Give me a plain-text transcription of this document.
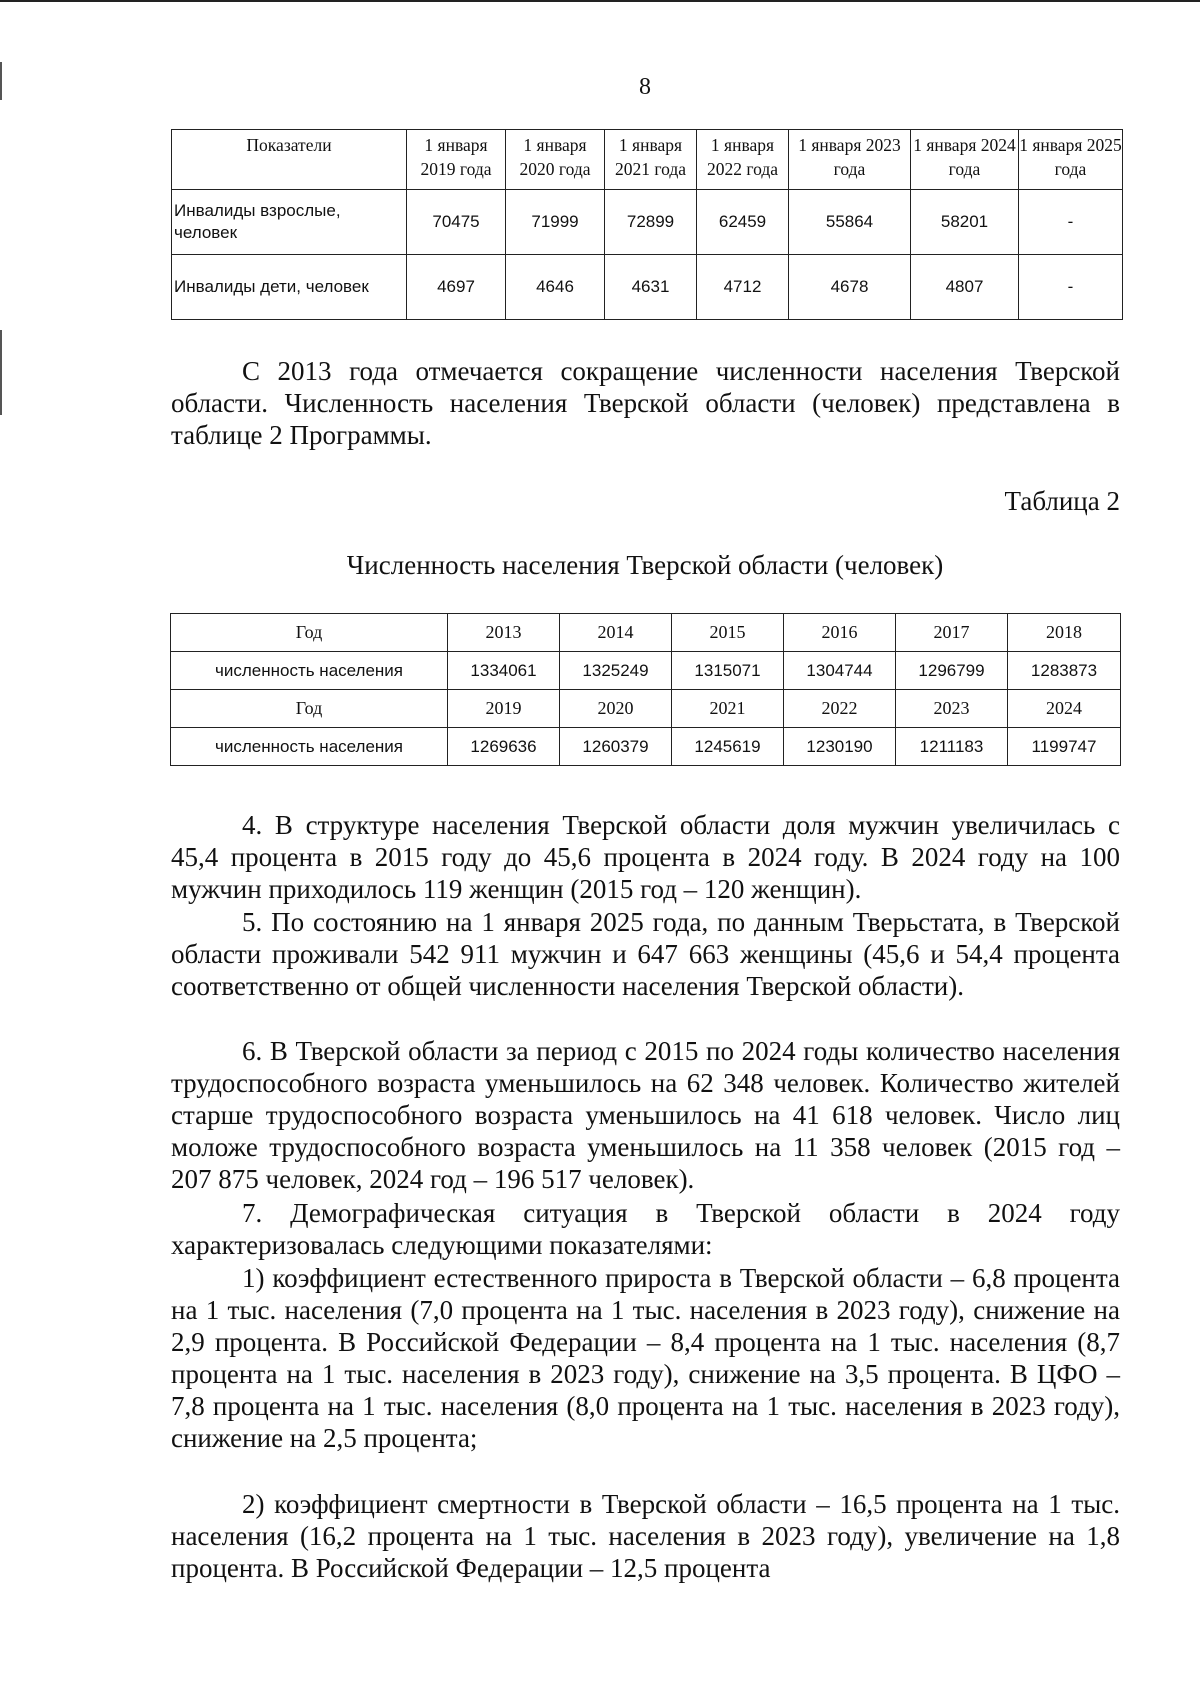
8
Показатели	1 января 2019 года	1 января 2020 года	1 января 2021 года	1 января 2022 года	1 января 2023 года	1 января 2024 года	1 января 2025 года
Инвалиды взрослые, человек	70475	71999	72899	62459	55864	58201	-
Инвалиды дети, человек	4697	4646	4631	4712	4678	4807	-
С 2013 года отмечается сокращение численности населения Тверской области. Численность населения Тверской области (человек) представлена в таблице 2 Программы.
Таблица 2
Численность населения Тверской области (человек)
Год	2013	2014	2015	2016	2017	2018
численность населения	1334061	1325249	1315071	1304744	1296799	1283873
Год	2019	2020	2021	2022	2023	2024
численность населения	1269636	1260379	1245619	1230190	1211183	1199747
4. В структуре населения Тверской области доля мужчин увеличилась с 45,4 процента в 2015 году до 45,6 процента в 2024 году. В 2024 году на 100 мужчин приходилось 119 женщин (2015 год – 120 женщин).
5. По состоянию на 1 января 2025 года, по данным Тверьстата, в Тверской области проживали 542 911 мужчин и 647 663 женщины (45,6 и 54,4 процента соответственно от общей численности населения Тверской области).
6. В Тверской области за период с 2015 по 2024 годы количество населения трудоспособного возраста уменьшилось на 62 348 человек. Количество жителей старше трудоспособного возраста уменьшилось на 41 618 человек. Число лиц моложе трудоспособного возраста уменьшилось на 11 358 человек (2015 год – 207 875 человек, 2024 год – 196 517 человек).
7. Демографическая ситуация в Тверской области в 2024 году характеризовалась следующими показателями:
1) коэффициент естественного прироста в Тверской области – 6,8 процента на 1 тыс. населения (7,0 процента на 1 тыс. населения в 2023 году), снижение на 2,9 процента. В Российской Федерации – 8,4 процента на 1 тыс. населения (8,7 процента на 1 тыс. населения в 2023 году), снижение на 3,5 процента. В ЦФО – 7,8 процента на 1 тыс. населения (8,0 процента на 1 тыс. населения в 2023 году), снижение на 2,5 процента;
2) коэффициент смертности в Тверской области – 16,5 процента на 1 тыс. населения (16,2 процента на 1 тыс. населения в 2023 году), увеличение на 1,8 процента. В Российской Федерации – 12,5 процента
